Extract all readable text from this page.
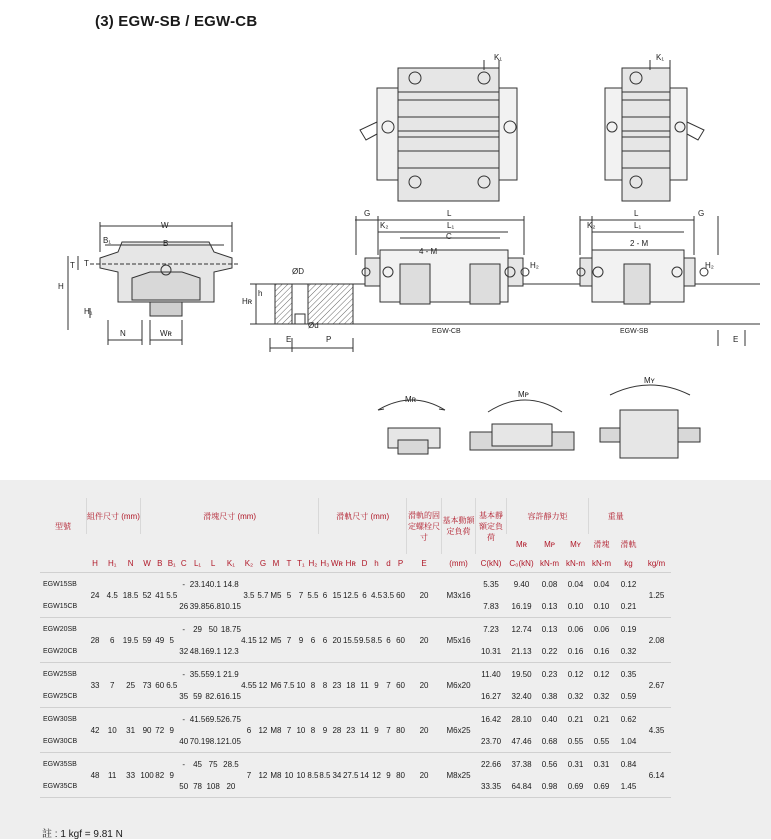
(3) EGW-SB / EGW-CB
K₁	K₁
W
B
B₁
T T
H
H₁
N	Wʀ
ØD
Hʀ
h
Ød
E	P
G
K₂
L
L₁
C
4 - M
H₂
K₂
L
L₁
G
2 - M
H₂
EGW-CB	EGW-SB
E
Mʀ
Mᴘ
Mʏ
型號	組件尺寸 (mm)			滑塊尺寸 (mm)													滑軌尺寸 (mm)							滑軌的固定螺栓尺寸	基本動額定負荷	基本靜額定負荷	容許靜力矩			重量		
																											Mʀ	Mᴘ	Mʏ	滑塊	滑軌	
	H	H₁	N	W	B	B₁	C	L₁	L	K₁	K₂	G	M	T	T₁	H₂	H₃	Wʀ	Hʀ	D	h	d	P	E	(mm)	C(kN)	C₀(kN)	kN-m	kN-m	kN-m	kg	kg/m
EGW15SB	24	4.5	18.5	52	41	5.5	-	23.1	40.1	14.8	3.5	5.7	M5	5	7	5.5	6	15	12.5	6	4.5	3.5	60	20	M3x16	5.35	9.40	0.08	0.04	0.04	0.12	1.25
EGW15CB							26	39.8	56.8	10.15																7.83	16.19	0.13	0.10	0.10	0.21	
EGW20SB	28	6	19.5	59	49	5	-	29	50	18.75	4.15	12	M5	7	9	6	6	20	15.5	9.5	8.5	6	60	20	M5x16	7.23	12.74	0.13	0.06	0.06	0.19	2.08
EGW20CB							32	48.1	69.1	12.3																10.31	21.13	0.22	0.16	0.16	0.32	
EGW25SB	33	7	25	73	60	6.5	-	35.5	59.1	21.9	4.55	12	M6	7.5	10	8	8	23	18	11	9	7	60	20	M6x20	11.40	19.50	0.23	0.12	0.12	0.35	2.67
EGW25CB							35	59	82.6	16.15																16.27	32.40	0.38	0.32	0.32	0.59	
EGW30SB	42	10	31	90	72	9	-	41.5	69.5	26.75	6	12	M8	7	10	8	9	28	23	11	9	7	80	20	M6x25	16.42	28.10	0.40	0.21	0.21	0.62	4.35
EGW30CB							40	70.1	98.1	21.05																23.70	47.46	0.68	0.55	0.55	1.04	
EGW35SB	48	11	33	100	82	9	-	45	75	28.5	7	12	M8	10	10	8.5	8.5	34	27.5	14	12	9	80	20	M8x25	22.66	37.38	0.56	0.31	0.31	0.84	6.14
EGW35CB							50	78	108	20																33.35	64.84	0.98	0.69	0.69	1.45	
註 : 1 kgf = 9.81 N
